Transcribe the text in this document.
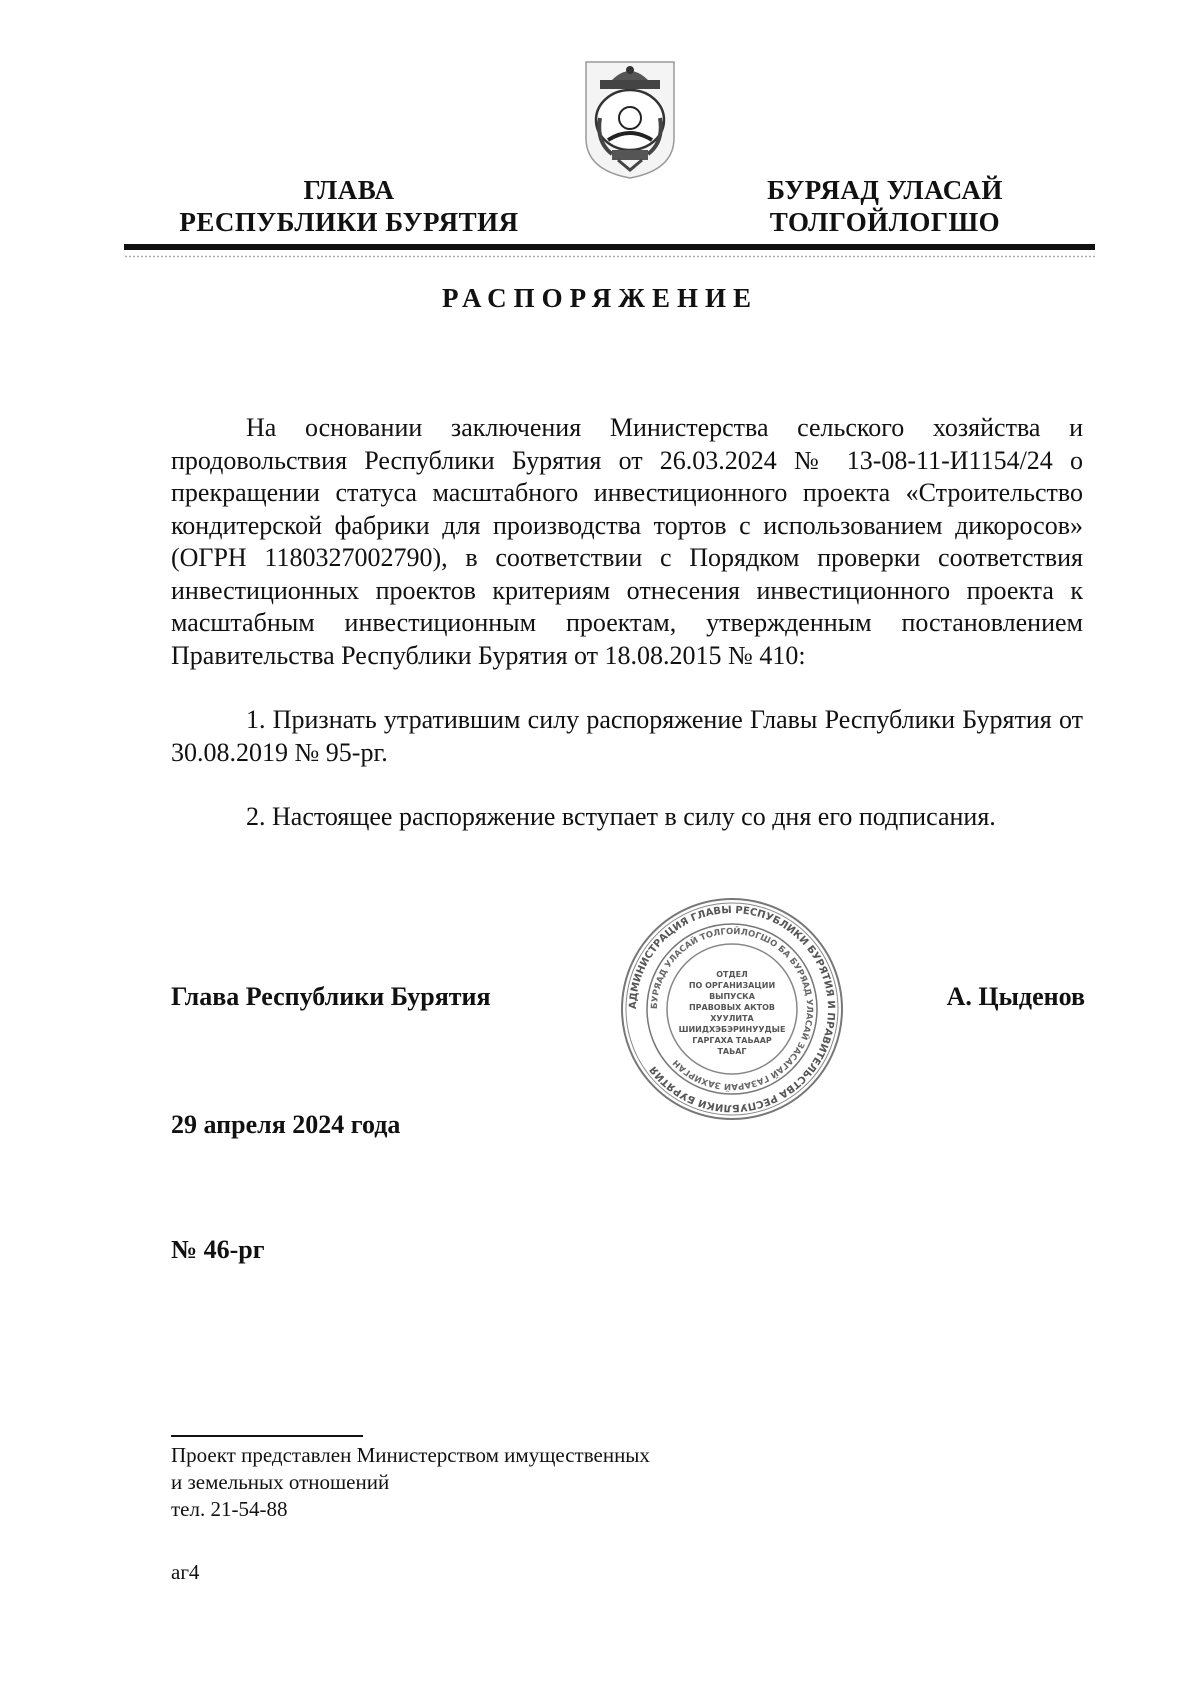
ГЛАВА
РЕСПУБЛИКИ БУРЯТИЯ
БУРЯАД УЛАСАЙ
ТОЛГОЙЛОГШО
РАСПОРЯЖЕНИЕ
На основании заключения Министерства сельского хозяйства и продовольствия Республики Бурятия от 26.03.2024 № 13-08-11-И1154/24 о прекращении статуса масштабного инвестиционного проекта «Строительство кондитерской фабрики для производства тортов с использованием дикоросов» (ОГРН 1180327002790), в соответствии с Порядком проверки соответствия инвестиционных проектов критериям отнесения инвестиционного проекта к масштабным инвестиционным проектам, утвержденным постановлением Правительства Республики Бурятия от 18.08.2015 № 410:
1. Признать утратившим силу распоряжение Главы Республики Бурятия от 30.08.2019 № 95-рг.
2. Настоящее распоряжение вступает в силу со дня его подписания.
Глава Республики Бурятия	А. Цыденов
АДМИНИСТРАЦИЯ ГЛАВЫ РЕСПУБЛИКИ БУРЯТИЯ И ПРАВИТЕЛЬСТВА РЕСПУБЛИКИ БУРЯТИЯ
БУРЯАД УЛАСАЙ ТОЛГОЙЛОГШО БА БУРЯАД УЛАСАЙ ЗАСАГАЙ ГАЗАРАЙ ЗАХИРГАН
ОТДЕЛ
ПО ОРГАНИЗАЦИИ
ВЫПУСКА
ПРАВОВЫХ АКТОВ
ХУУЛИТА
ШИИДХЭБЭРИНУУДЫЕ
ГАРГАХА ТАЬААР
ТАЬАГ
29 апреля 2024 года
№ 46-рг
Проект представлен Министерством имущественных
и земельных отношений
тел. 21-54-88
аг4
